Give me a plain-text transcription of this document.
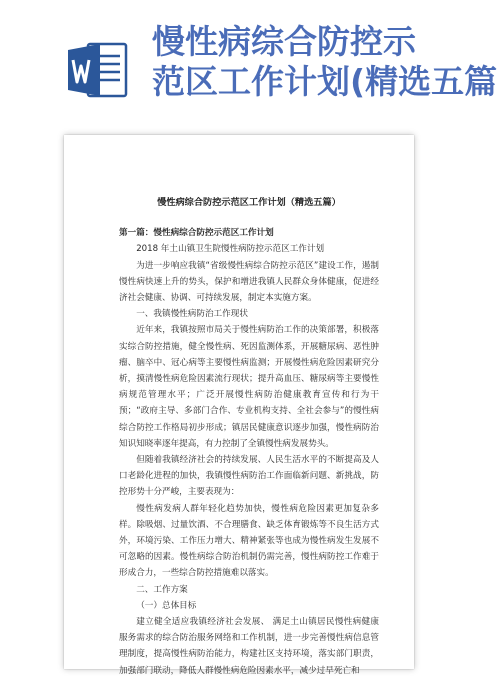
慢性病综合防控示
范区工作计划(精选五篇

慢性病综合防控示范区工作计划（精选五篇）

第一篇：慢性病综合防控示范区工作计划

2018 年土山镇卫生院慢性病防控示范区工作计划

为进一步响应我镇“省级慢性病综合防控示范区”建设工作，遏制慢性病快速上升的势头，保护和增进我镇人民群众身体健康，促进经济社会健康、协调、可持续发展，制定本实施方案。

一、我镇慢性病防治工作现状

近年来，我镇按照市局关于慢性病防治工作的决策部署，积极落实综合防控措施，健全慢性病、死因监测体系，开展糖尿病、恶性肿瘤、脑卒中、冠心病等主要慢性病监测；开展慢性病危险因素研究分析，摸清慢性病危险因素流行现状；提升高血压、糖尿病等主要慢性病规范管理水平；广泛开展慢性病防治健康教育宣传和行为干预；“政府主导、多部门合作、专业机构支持、全社会参与”的慢性病综合防控工作格局初步形成；镇居民健康意识逐步加强，慢性病防治知识知晓率逐年提高，有力控制了全镇慢性病发展势头。

但随着我镇经济社会的持续发展、人民生活水平的不断提高及人口老龄化进程的加快，我镇慢性病防治工作面临新问题、新挑战，防控形势十分严峻，主要表现为：

慢性病发病人群年轻化趋势加快，慢性病危险因素更加复杂多样。除吸烟、过量饮酒、不合理膳食、缺乏体育锻炼等不良生活方式外，环境污染、工作压力增大、精神紧张等也成为慢性病发生发展不可忽略的因素。慢性病综合防治机制仍需完善，慢性病防控工作难于形成合力，一些综合防控措施难以落实。

二、工作方案

（一）总体目标

建立健全适应我镇经济社会发展、 满足土山镇居民慢性病健康服务需求的综合防治服务网络和工作机制，进一步完善慢性病信息管理制度，提高慢性病防治能力，构建社区支持环境，落实部门职责，加强部门联动，降低人群慢性病危险因素水平，减少过早死亡和
